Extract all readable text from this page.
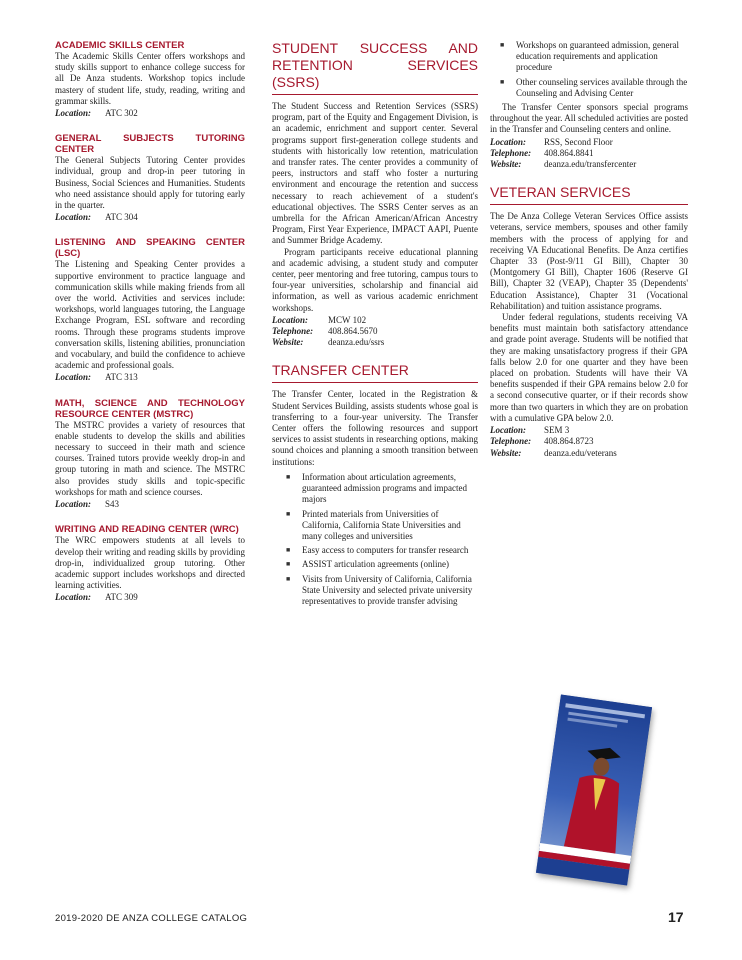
ACADEMIC SKILLS CENTER

The Academic Skills Center offers workshops and study skills support to enhance college success for all De Anza students. Workshop topics include mastery of student life, study, reading, writing and grammar skills.

Location: ATC 302

GENERAL SUBJECTS TUTORING CENTER

The General Subjects Tutoring Center provides individual, group and drop-in peer tutoring in Business, Social Sciences and Humanities. Students who need assistance should apply for tutoring early in the quarter.

Location: ATC 304

LISTENING AND SPEAKING CENTER (LSC)

The Listening and Speaking Center provides a supportive environment to practice language and communication skills while making friends from all over the world. Activities and services include: workshops, world languages tutoring, the Language Exchange Program, ESL software and recording rooms. Through these programs students improve conversation skills, listening abilities, pronunciation and vocabulary, and build the confidence to achieve academic and professional goals.

Location: ATC 313

MATH, SCIENCE AND TECHNOLOGY RESOURCE CENTER (MSTRC)

The MSTRC provides a variety of resources that enable students to develop the skills and abilities necessary to succeed in their math and science courses. Trained tutors provide weekly drop-in and group tutoring in math and science. The MSTRC also provides study skills and topic-specific workshops for math and science courses.

Location: S43

WRITING AND READING CENTER (WRC)

The WRC empowers students at all levels to develop their writing and reading skills by providing drop-in, individualized group tutoring. Other academic support includes workshops and directed learning activities.

Location: ATC 309

STUDENT SUCCESS AND RETENTION SERVICES (SSRS)

The Student Success and Retention Services (SSRS) program, part of the Equity and Engagement Division, is an academic, enrichment and support center. Several programs support first-generation college students and students with historically low retention, matriculation and transfer rates. The center provides a community of peers, instructors and staff who foster a nurturing environment and encourage the retention and success necessary to reach achievement of a student's educational objectives. The SSRS Center serves as an umbrella for the African American/African Ancestry Program, First Year Experience, IMPACT AAPI, Puente and Summer Bridge Academy.

Program participants receive educational planning and academic advising, a student study and computer center, peer mentoring and free tutoring, campus tours to four-year universities, scholarship and financial aid information, as well as various academic enrichment workshops.

Location: MCW 102

Telephone: 408.864.5670

Website:	deanza.edu/ssrs

TRANSFER CENTER

The Transfer Center, located in the Registration & Student Services Building, assists students whose goal is transferring to a four-year university. The Transfer Center offers the following resources and support services to assist students in researching options, making sound choices and planning a smooth transition between institutions:

■ Information about articulation agreements, guaranteed admission programs and impacted majors
■ Printed materials from Universities of California, California State Universities and many colleges and universities
■ Easy access to computers for transfer research
■ ASSIST articulation agreements (online)
■ Visits from University of California, California State University and selected private university representatives to provide transfer advising
■ Workshops on guaranteed admission, general education requirements and application procedure
■ Other counseling services available through the Counseling and Advising Center

The Transfer Center sponsors special programs throughout the year. All scheduled activities are posted in the Transfer and Counseling centers and online.

Location: RSS, Second Floor

Telephone: 408.864.8841

Website:	deanza.edu/transfercenter

VETERAN SERVICES

The De Anza College Veteran Services Office assists veterans, service members, spouses and other family members with the process of applying for and receiving VA Educational Benefits. De Anza certifies Chapter 33 (Post-9/11 GI Bill), Chapter 30 (Montgomery GI Bill), Chapter 1606 (Reserve GI Bill), Chapter 32 (VEAP), Chapter 35 (Dependents' Education Assistance), Chapter 31 (Vocational Rehabilitation) and tuition assistance programs.

Under federal regulations, students receiving VA benefits must maintain both satisfactory attendance and grade point average. Students will be notified that they are making unsatisfactory progress if their GPA falls below 2.0 for one quarter and they have been placed on probation. Students will have their VA benefits suspended if their GPA remains below 2.0 for a second consecutive quarter, or if their records show more than two quarters in which they are on probation with a cumulative GPA below 2.0.

Location: SEM 3

Telephone: 408.864.8723

Website:	deanza.edu/veterans

2019-2020 DE ANZA COLLEGE CATALOG	17
